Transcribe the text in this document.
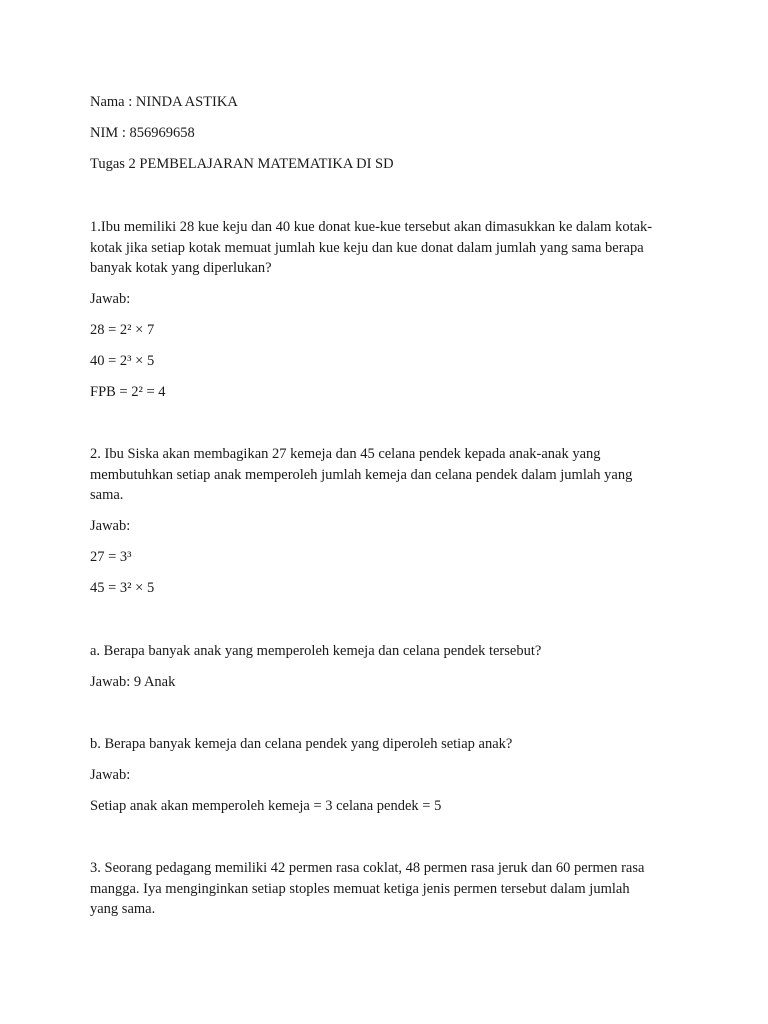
Nama : NINDA ASTIKA
NIM : 856969658
Tugas 2 PEMBELAJARAN MATEMATIKA DI SD
1.Ibu memiliki 28 kue keju dan 40 kue donat kue-kue tersebut akan dimasukkan ke dalam kotak-
kotak jika setiap kotak memuat jumlah kue keju dan kue donat dalam jumlah yang sama berapa
banyak kotak yang diperlukan?
Jawab:
28 = 2² × 7
40 = 2³ × 5
FPB = 2² = 4
2. Ibu Siska akan membagikan 27 kemeja dan 45 celana pendek kepada anak-anak yang
membutuhkan setiap anak memperoleh jumlah kemeja dan celana pendek dalam jumlah yang
sama.
Jawab:
27 = 3³
45 = 3² × 5
a. Berapa banyak anak yang memperoleh kemeja dan celana pendek tersebut?
Jawab: 9 Anak
b. Berapa banyak kemeja dan celana pendek yang diperoleh setiap anak?
Jawab:
Setiap anak akan memperoleh kemeja = 3 celana pendek = 5
3. Seorang pedagang memiliki 42 permen rasa coklat, 48 permen rasa jeruk dan 60 permen rasa
mangga. Iya menginginkan setiap stoples memuat ketiga jenis permen tersebut dalam jumlah
yang sama.
